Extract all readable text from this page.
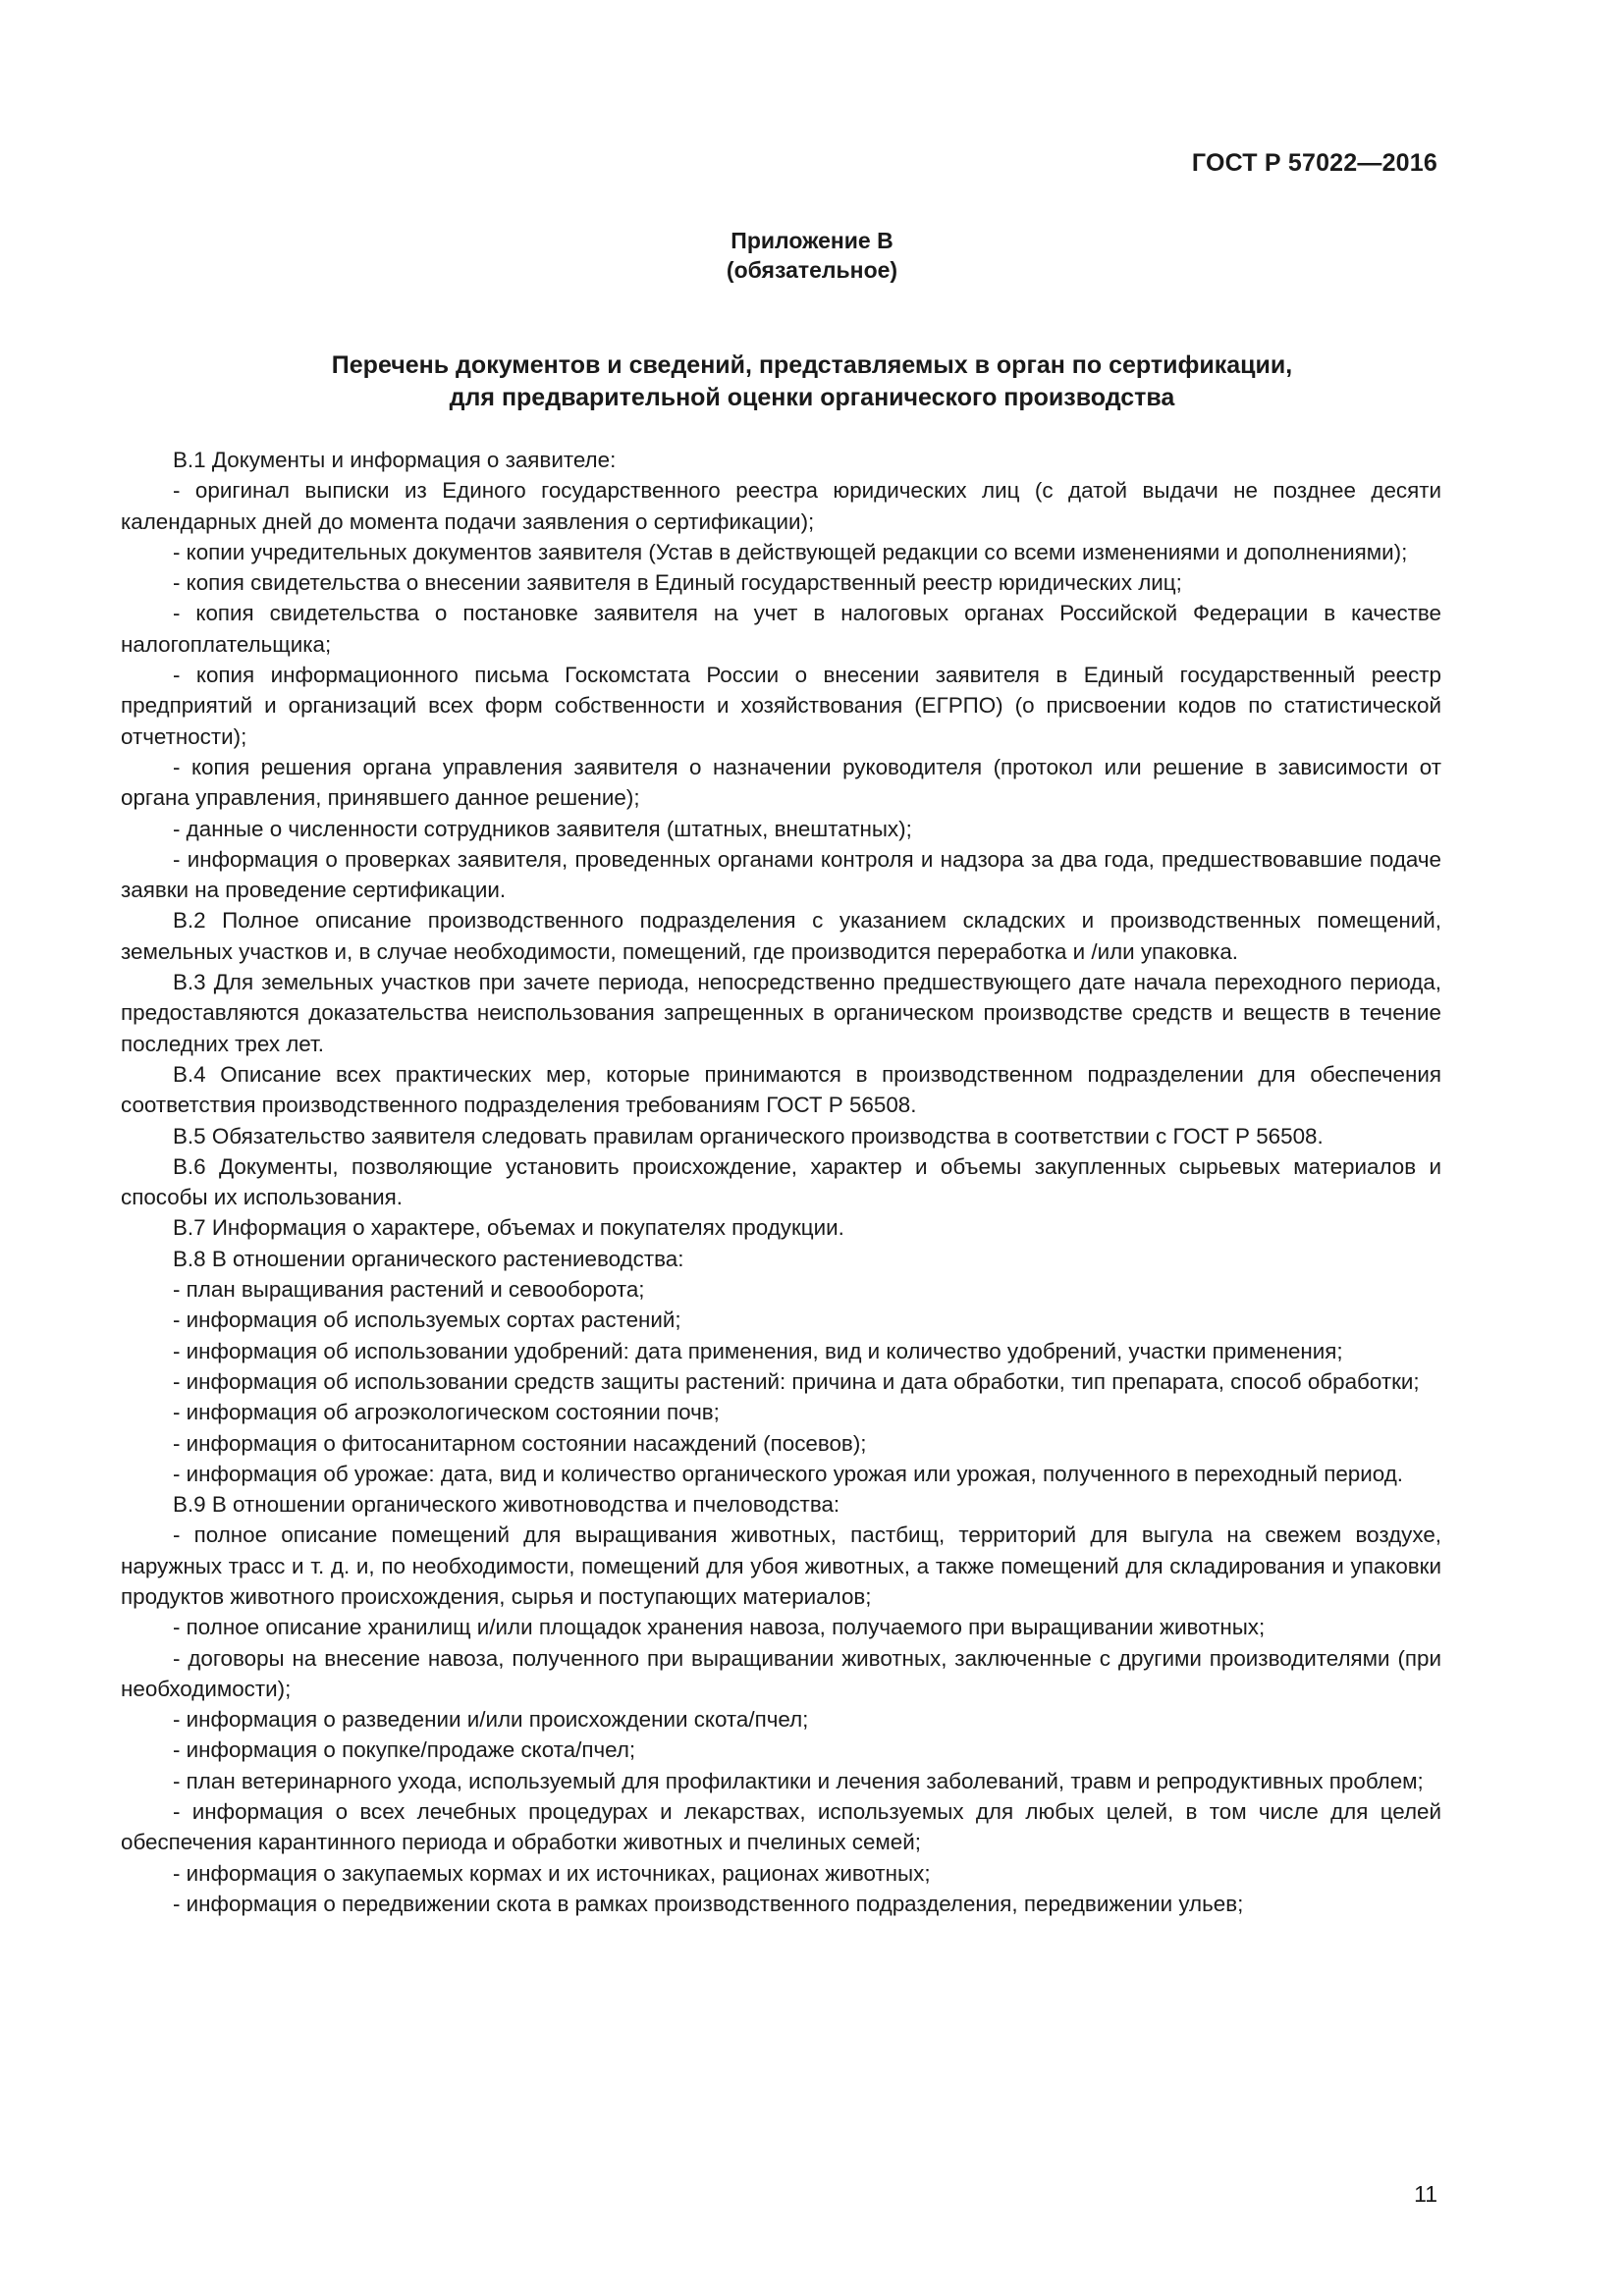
ГОСТ Р 57022—2016
Приложение В
(обязательное)
Перечень документов и сведений, представляемых в орган по сертификации,
для предварительной оценки органического производства

В.1 Документы и информация о заявителе:

- оригинал выписки из Единого государственного реестра юридических лиц (с датой выдачи не позднее десяти календарных дней до момента подачи заявления о сертификации);

- копии учредительных документов заявителя (Устав в действующей редакции со всеми изменениями и дополнениями);

- копия свидетельства о внесении заявителя в Единый государственный реестр юридических лиц;

- копия свидетельства о постановке заявителя на учет в налоговых органах Российской Федерации в качестве налогоплательщика;

- копия информационного письма Госкомстата России о внесении заявителя в Единый государственный реестр предприятий и организаций всех форм собственности и хозяйствования (ЕГРПО) (о присвоении кодов по статистической отчетности);

- копия решения органа управления заявителя о назначении руководителя (протокол или решение в зависимости от органа управления, принявшего данное решение);

- данные о численности сотрудников заявителя (штатных, внештатных);

- информация о проверках заявителя, проведенных органами контроля и надзора за два года, предшествовавшие подаче заявки на проведение сертификации.

В.2 Полное описание производственного подразделения с указанием складских и производственных помещений, земельных участков и, в случае необходимости, помещений, где производится переработка и /или упаковка.

В.3 Для земельных участков при зачете периода, непосредственно предшествующего дате начала переходного периода, предоставляются доказательства неиспользования запрещенных в органическом производстве средств и веществ в течение последних трех лет.

В.4 Описание всех практических мер, которые принимаются в производственном подразделении для обеспечения соответствия производственного подразделения требованиям ГОСТ Р 56508.

В.5 Обязательство заявителя следовать правилам органического производства в соответствии с ГОСТ Р 56508.

В.6 Документы, позволяющие установить происхождение, характер и объемы закупленных сырьевых материалов и способы их использования.

В.7 Информация о характере, объемах и покупателях продукции.

В.8 В отношении органического растениеводства:

- план выращивания растений и севооборота;

- информация об используемых сортах растений;

- информация об использовании удобрений: дата применения, вид и количество удобрений, участки применения;

- информация об использовании средств защиты растений: причина и дата обработки, тип препарата, способ обработки;

- информация об агроэкологическом состоянии почв;

- информация о фитосанитарном состоянии насаждений (посевов);

- информация об урожае: дата, вид и количество органического урожая или урожая, полученного в переходный период.

В.9 В отношении органического животноводства и пчеловодства:

- полное описание помещений для выращивания животных, пастбищ, территорий для выгула на свежем воздухе, наружных трасс и т. д. и, по необходимости, помещений для убоя животных, а также помещений для складирования и упаковки продуктов животного происхождения, сырья и поступающих материалов;

- полное описание хранилищ и/или площадок хранения навоза, получаемого при выращивании животных;

- договоры на внесение навоза, полученного при выращивании животных, заключенные с другими производителями (при необходимости);

- информация о разведении и/или происхождении скота/пчел;

- информация о покупке/продаже скота/пчел;

- план ветеринарного ухода, используемый для профилактики и лечения заболеваний, травм и репродуктивных проблем;

- информация о всех лечебных процедурах и лекарствах, используемых для любых целей, в том числе для целей обеспечения карантинного периода и обработки животных и пчелиных семей;

- информация о закупаемых кормах и их источниках, рационах животных;

- информация о передвижении скота в рамках производственного подразделения, передвижении ульев;

11
